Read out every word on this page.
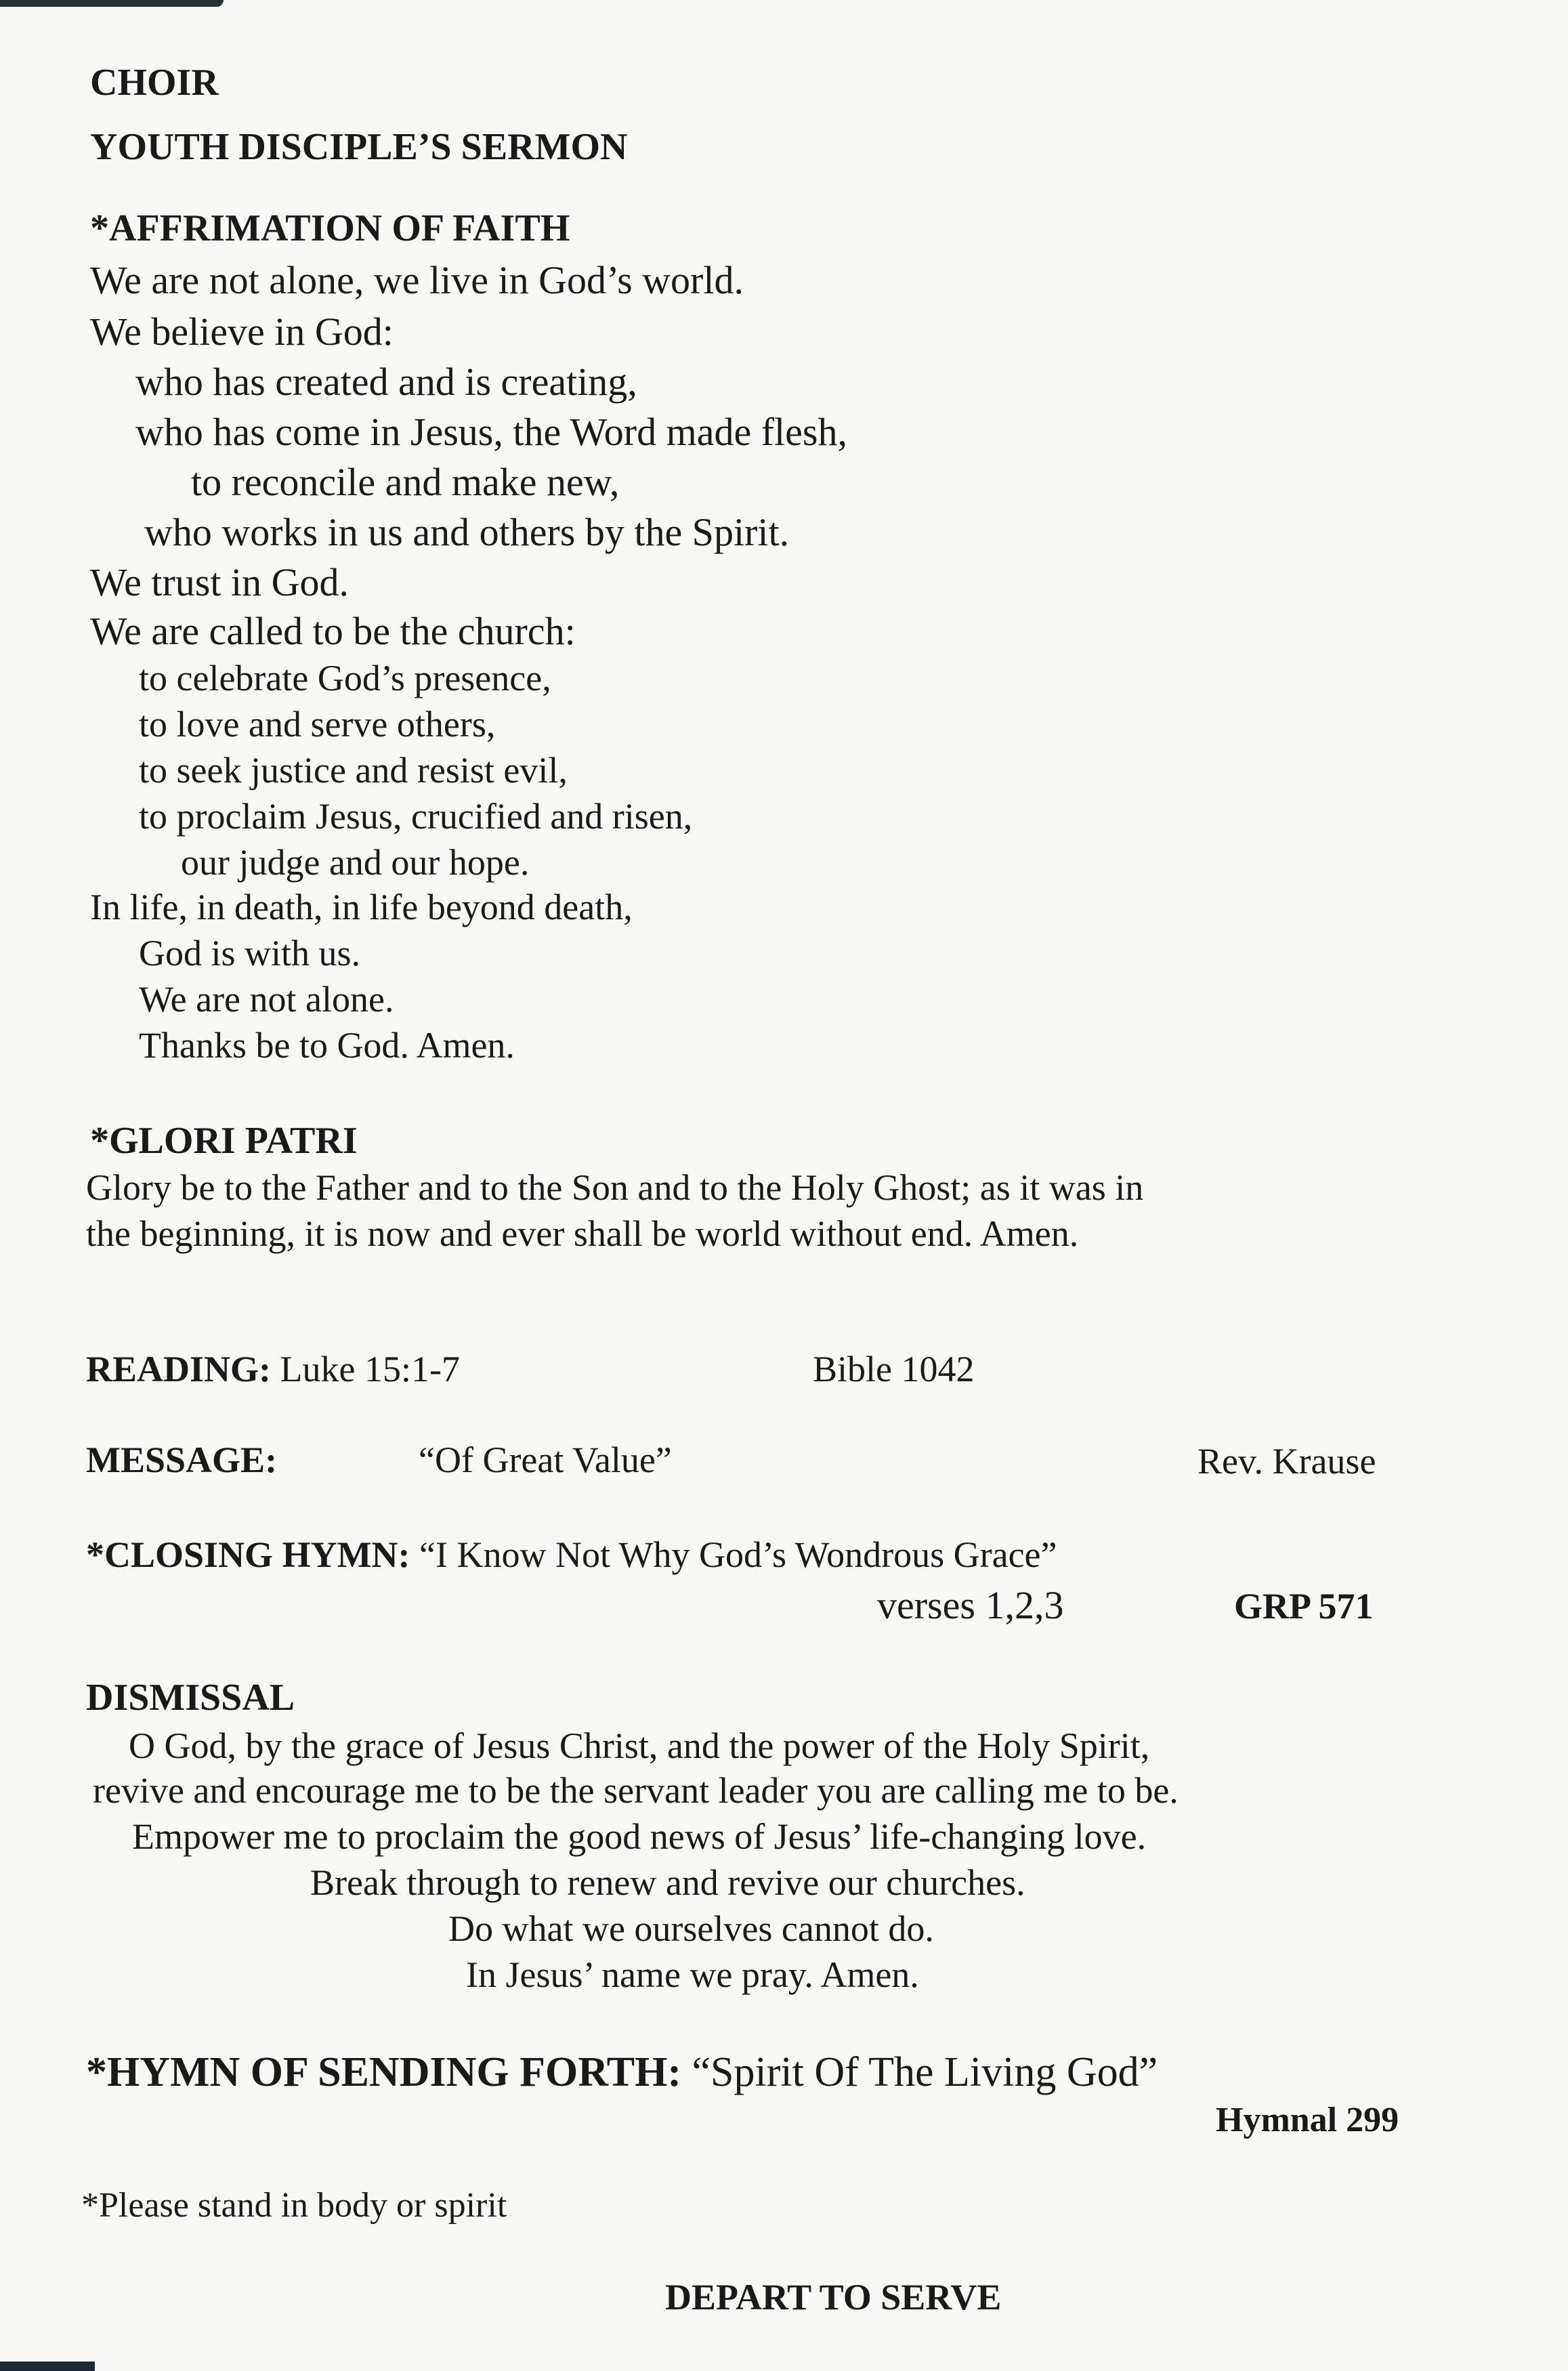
CHOIR
YOUTH DISCIPLE’S SERMON
*AFFRIMATION OF FAITH
We are not alone, we live in God’s world.
We believe in God:
who has created and is creating,
who has come in Jesus, the Word made flesh,
to reconcile and make new,
who works in us and others by the Spirit.
We trust in God.
We are called to be the church:
to celebrate God’s presence,
to love and serve others,
to seek justice and resist evil,
to proclaim Jesus, crucified and risen,
our judge and our hope.
In life, in death, in life beyond death,
God is with us.
We are not alone.
Thanks be to God. Amen.
*GLORI PATRI
Glory be to the Father and to the Son and to the Holy Ghost; as it was in
the beginning, it is now and ever shall be world without end. Amen.
READING: Luke 15:1-7	Bible 1042
MESSAGE:	“Of Great Value”	Rev. Krause
*CLOSING HYMN: “I Know Not Why God’s Wondrous Grace”
verses 1,2,3	GRP 571
DISMISSAL
O God, by the grace of Jesus Christ, and the power of the Holy Spirit,
revive and encourage me to be the servant leader you are calling me to be.
Empower me to proclaim the good news of Jesus’ life-changing love.
Break through to renew and revive our churches.
Do what we ourselves cannot do.
In Jesus’ name we pray. Amen.
*HYMN OF SENDING FORTH: “Spirit Of The Living God”
Hymnal 299
*Please stand in body or spirit
DEPART TO SERVE
